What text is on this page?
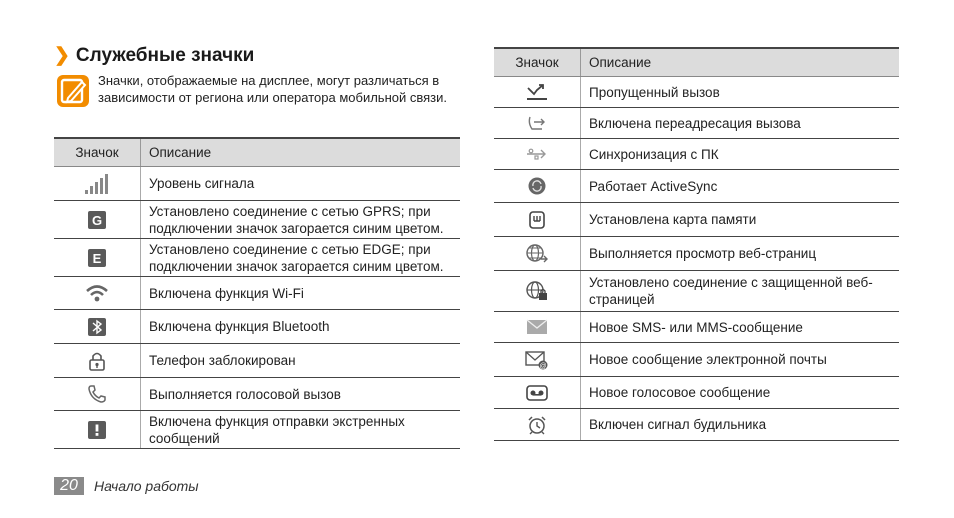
❯ Служебные значки
Значки, отображаемые на дисплее, могут различаться в зависимости от региона или оператора мобильной связи.
Значок	Описание

	Уровень сигнала

G	Установлено соединение с сетью GPRS; при подключении значок загорается синим цветом.

E	Установлено соединение с сетью EDGE; при подключении значок загорается синим цветом.

	Включена функция Wi-Fi

	Включена функция Bluetooth

	Телефон заблокирован

	Выполняется голосовой вызов

	Включена функция отправки экстренных сообщений
Значок	Описание

	Пропущенный вызов

	Включена переадресация вызова

	Синхронизация с ПК

	Работает ActiveSync

	Установлена карта памяти

	Выполняется просмотр веб-страниц

	Установлено соединение с защищенной веб-страницей

	Новое SMS- или MMS-сообщение

@	Новое сообщение электронной почты

	Новое голосовое сообщение

	Включен сигнал будильника
20	Начало работы
